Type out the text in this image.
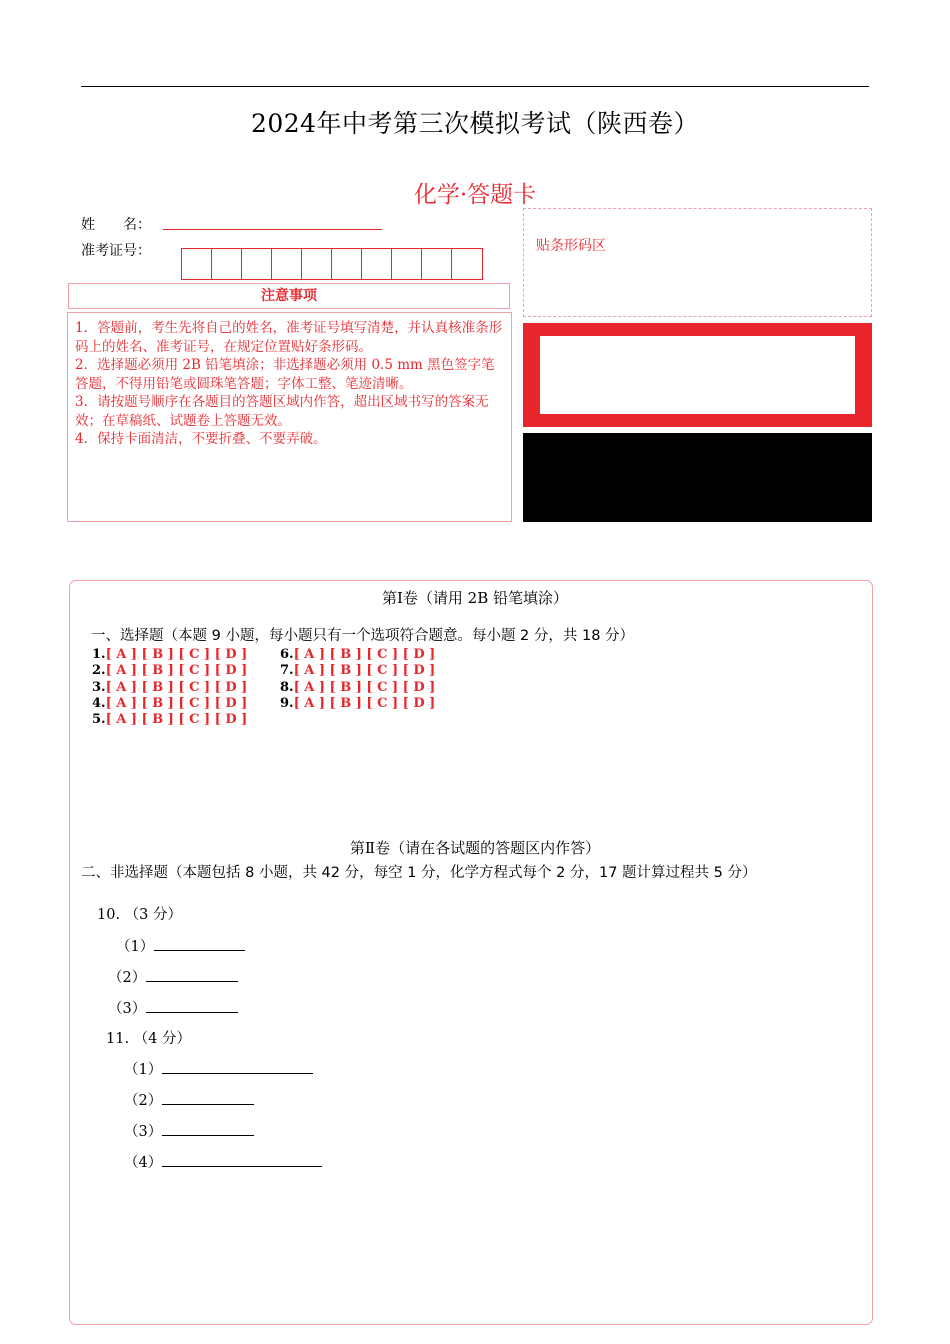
2024年中考第三次模拟考试（陕西卷）
化学·答题卡
姓　　名：
准考证号：
注意事项

1．答题前，考生先将自己的姓名，准考证号填写清楚，并认真核准条形码上的姓名、准考证号，在规定位置贴好条形码。

2．选择题必须用 2B 铅笔填涂；非选择题必须用 0.5 mm 黑色签字笔答题，不得用铅笔或圆珠笔答题；字体工整、笔迹清晰。

3．请按题号顺序在各题目的答题区域内作答，超出区域书写的答案无效；在草稿纸、试题卷上答题无效。

4．保持卡面清洁，不要折叠、不要弄破。

贴条形码区
第Ⅰ卷（请用 2B 铅笔填涂）
一、选择题（本题 9 小题，每小题只有一个选项符合题意。每小题 2 分，共 18 分）
1.[ A ] [ B ] [ C ] [ D ]
2.[ A ] [ B ] [ C ] [ D ]
3.[ A ] [ B ] [ C ] [ D ]
4.[ A ] [ B ] [ C ] [ D ]
5.[ A ] [ B ] [ C ] [ D ]
6.[ A ] [ B ] [ C ] [ D ]
7.[ A ] [ B ] [ C ] [ D ]
8.[ A ] [ B ] [ C ] [ D ]
9.[ A ] [ B ] [ C ] [ D ]
第Ⅱ卷（请在各试题的答题区内作答）
二、非选择题（本题包括 8 小题，共 42 分，每空 1 分，化学方程式每个 2 分，17 题计算过程共 5 分）
10. （3 分）
（1）
（2）
（3）
11. （4 分）
（1）
（2）
（3）
（4）
